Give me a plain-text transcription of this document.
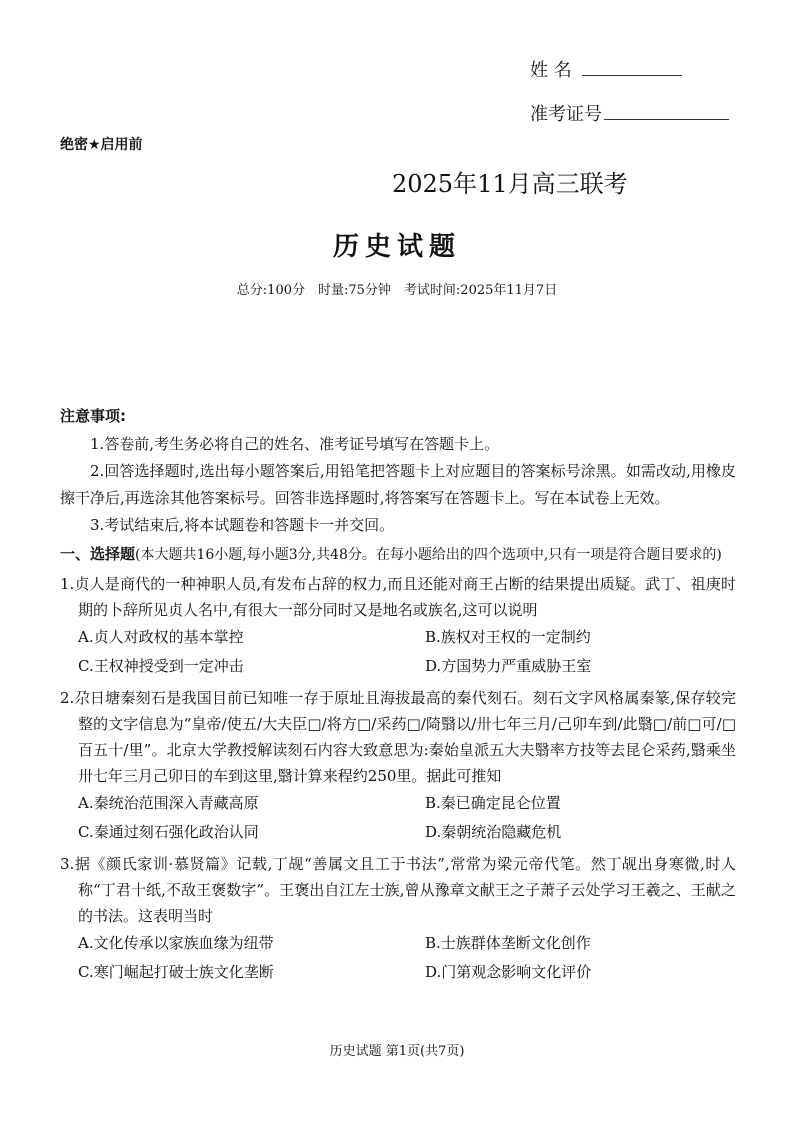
姓 名
准考证号
绝密★启用前
2025年11月高三联考
历史试题
总分:100分　时量:75分钟　考试时间:2025年11月7日
注意事项:

1.答卷前,考生务必将自己的姓名、准考证号填写在答题卡上。

2.回答选择题时,选出每小题答案后,用铅笔把答题卡上对应题目的答案标号涂黑。如需改动,用橡皮擦干净后,再选涂其他答案标号。回答非选择题时,将答案写在答题卡上。写在本试卷上无效。

3.考试结束后,将本试题卷和答题卡一并交回。

一、选择题(本大题共16小题,每小题3分,共48分。在每小题给出的四个选项中,只有一项是符合题目要求的)

1.贞人是商代的一种神职人员,有发布占辞的权力,而且还能对商王占断的结果提出质疑。武丁、祖庚时期的卜辞所见贞人名中,有很大一部分同时又是地名或族名,这可以说明

A.贞人对政权的基本掌控	B.族权对王权的一定制约
C.王权神授受到一定冲击	D.方国势力严重威胁王室

2.尕日塘秦刻石是我国目前已知唯一存于原址且海拔最高的秦代刻石。刻石文字风格属秦篆,保存较完整的文字信息为“皇帝/使五/大夫臣□/将方□/采药□/陭翳以/卅七年三月/己卯车到/此翳□/前□可/□百五十/里”。北京大学教授解读刻石内容大致意思为:秦始皇派五大夫翳率方技等去昆仑采药,翳乘坐卅七年三月己卯日的车到这里,翳计算来程约250里。据此可推知

A.秦统治范围深入青藏高原	B.秦已确定昆仑位置
C.秦通过刻石强化政治认同	D.秦朝统治隐藏危机

3.据《颜氏家训·慕贤篇》记载,丁觇“善属文且工于书法”,常常为梁元帝代笔。然丁觇出身寒微,时人称“丁君十纸,不敌王褒数字”。王褒出自江左士族,曾从豫章文献王之子萧子云处学习王羲之、王献之的书法。这表明当时

A.文化传承以家族血缘为纽带	B.士族群体垄断文化创作
C.寒门崛起打破士族文化垄断	D.门第观念影响文化评价
历史试题 第1页(共7页)
